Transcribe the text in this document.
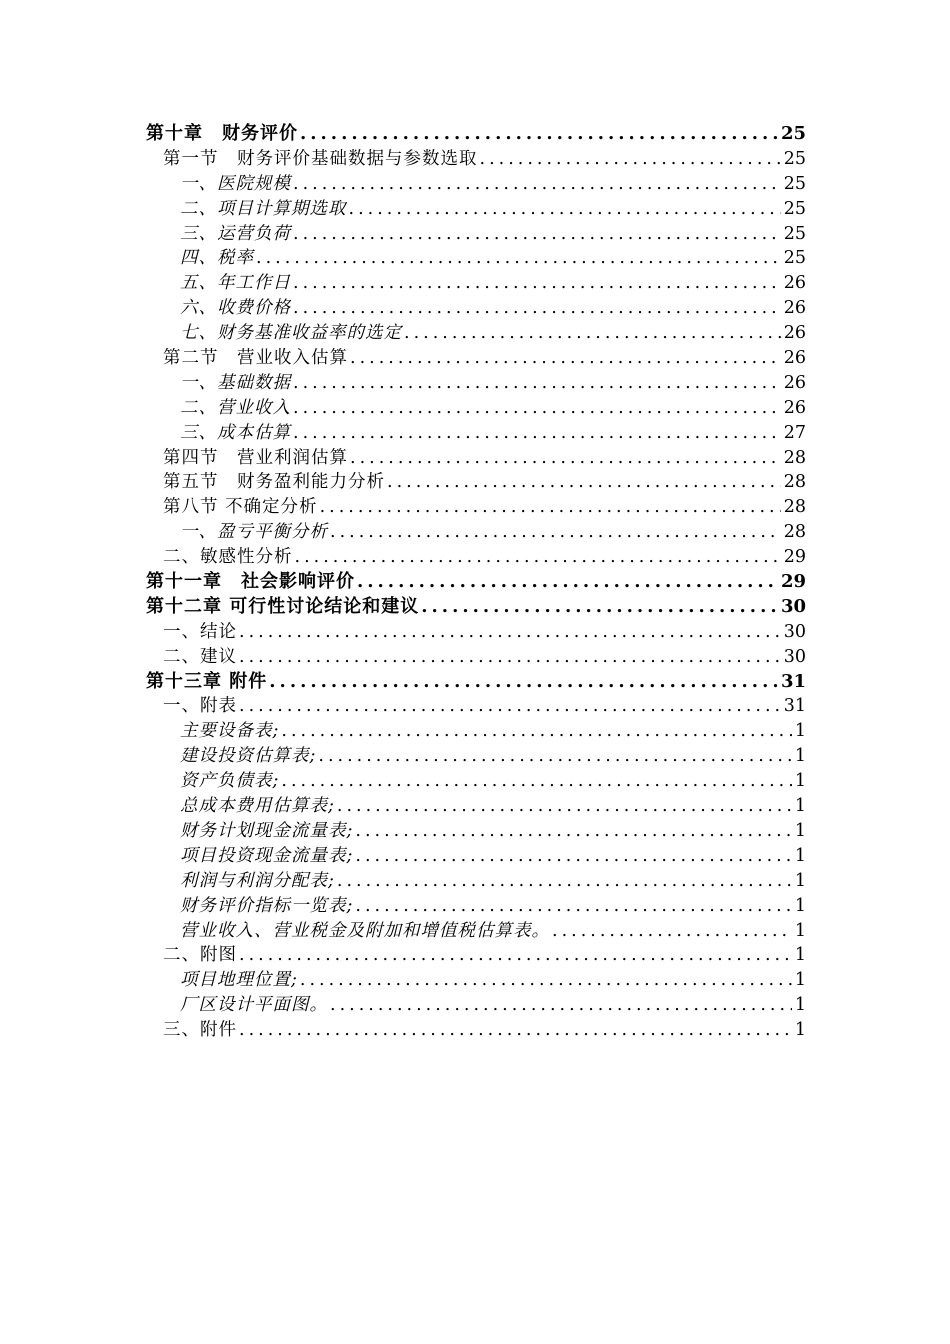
第十章　财务评价 .....	25
第一节　财务评价基础数据与参数选取 .....	25
一、医院规模 .....	25
二、项目计算期选取 .....	25
三、运营负荷 .....	25
四、税率 .....	25
五、年工作日 .....	26
六、收费价格 .....	26
七、财务基准收益率的选定 .....	26
第二节　营业收入估算 .....	26
一、基础数据 .....	26
二、营业收入 .....	26
三、成本估算 .....	27
第四节　营业利润估算 .....	28
第五节　财务盈利能力分析 .....	28
第八节 不确定分析 .....	28
一、盈亏平衡分析 .....	28
二、敏感性分析 .....	29
第十一章　社会影响评价 .....	29
第十二章 可行性讨论结论和建议 .....	30
一、结论 .....	30
二、建议 .....	30
第十三章 附件 .....	31
一、附表 .....	31
主要设备表; .....	1
建设投资估算表; .....	1
资产负债表; .....	1
总成本费用估算表; .....	1
财务计划现金流量表; .....	1
项目投资现金流量表; .....	1
利润与利润分配表; .....	1
财务评价指标一览表; .....	1
营业收入、营业税金及附加和增值税估算表。 .....	1
二、附图 .....	1
项目地理位置; .....	1
厂区设计平面图。 .....	1
三、附件 .....	1
